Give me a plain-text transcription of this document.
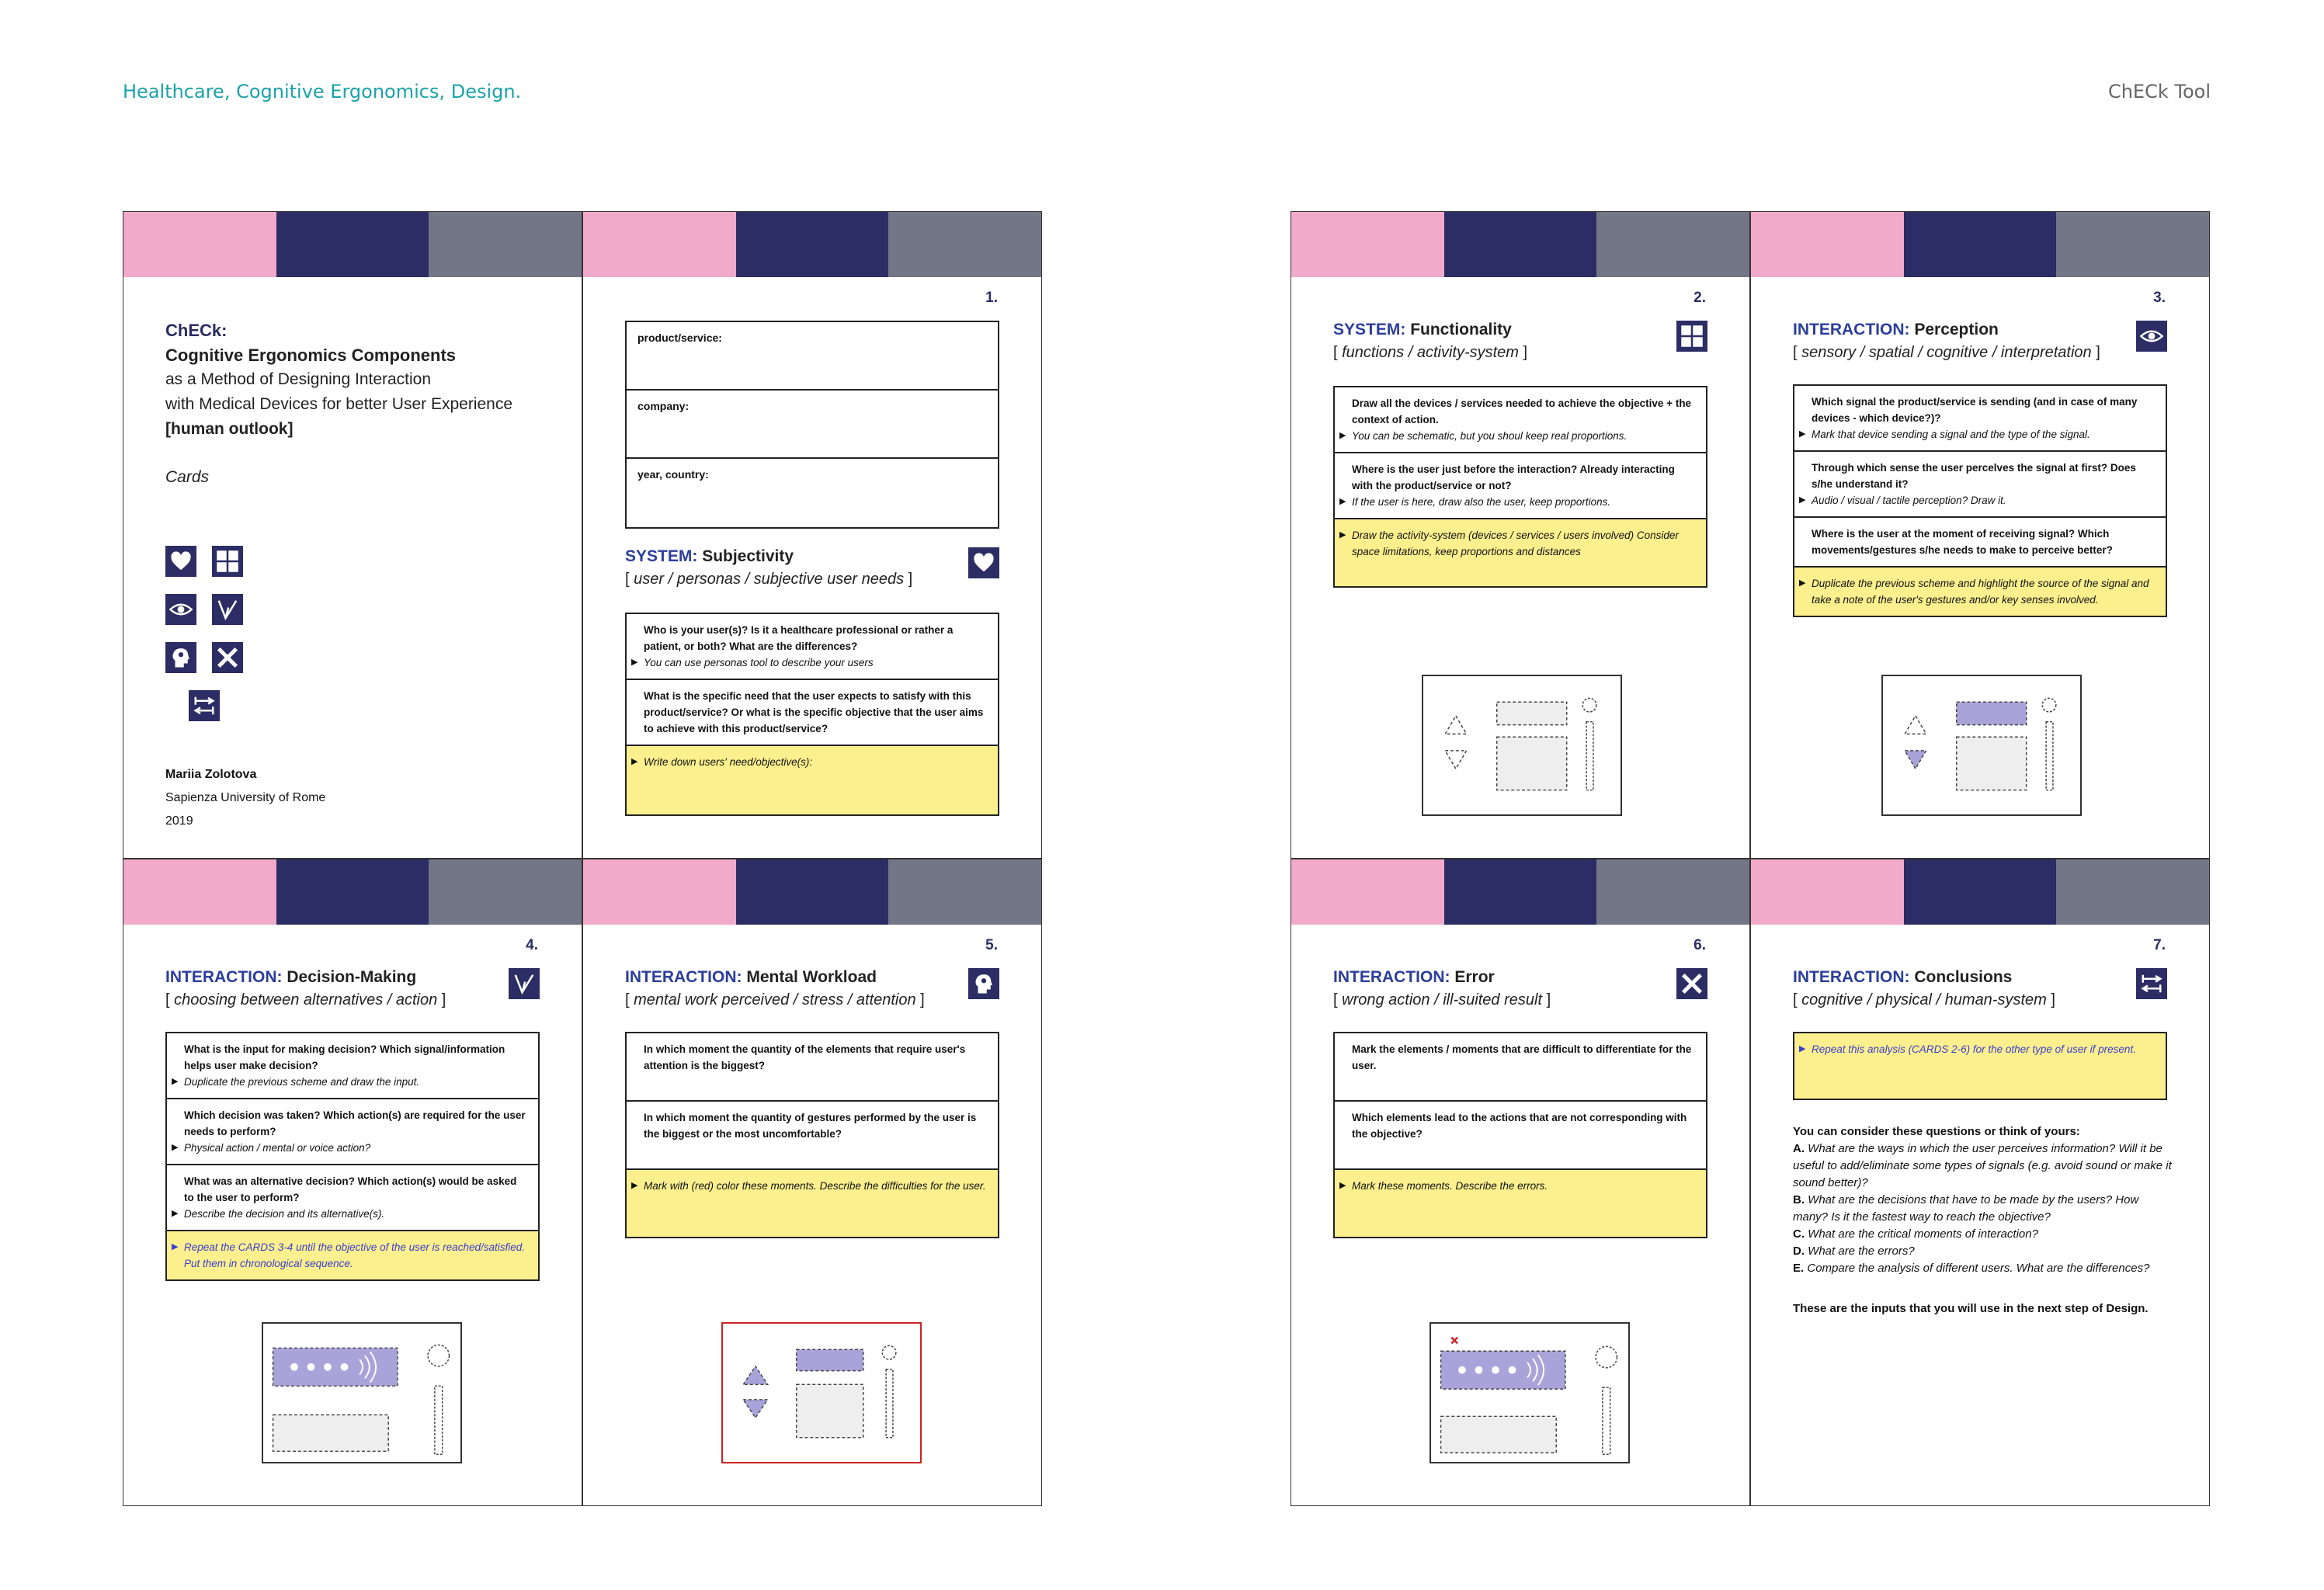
Healthcare, Cognitive Ergonomics, Design.	ChECk Tool
ChECk:
Cognitive Ergonomics Components
as a Method of Designing Interaction
with Medical Devices for better User Experience
[human outlook]
Cards
Mariia Zolotova
Sapienza University of Rome
2019
1.
product/service:
company:
year, country:
SYSTEM: Subjectivity
[ user / personas / subjective user needs ]
Who is your user(s)? Is it a healthcare professional or rather a patient, or both? What are the differences?
▶ You can use personas tool to describe your users
What is the specific need that the user expects to satisfy with this product/service? Or what is the specific objective that the user aims to achieve with this product/service?
▶ Write down users' need/objective(s):
2.
SYSTEM: Functionality
[ functions / activity-system ]
Draw all the devices / services needed to achieve the objective + the context of action.
▶ You can be schematic, but you shoul keep real proportions.
Where is the user just before the interaction? Already interacting with the product/service or not?
▶ If the user is here, draw also the user, keep proportions.
▶ Draw the activity-system (devices / services / users involved) Consider space limitations, keep proportions and distances
3.
INTERACTION: Perception
[ sensory / spatial / cognitive / interpretation ]
Which signal the product/service is sending (and in case of many devices - which device?)?
▶ Mark that device sending a signal and the type of the signal.
Through which sense the user percelves the signal at first? Does s/he understand it?
▶ Audio / visual / tactile perception? Draw it.
Where is the user at the moment of receiving signal? Which movements/gestures s/he needs to make to perceive better?
▶ Duplicate the previous scheme and highlight the source of the signal and take a note of the user's gestures and/or key senses involved.
4.
INTERACTION: Decision-Making
[ choosing between alternatives / action ]
What is the input for making decision? Which signal/information helps user make decision?
▶ Duplicate the previous scheme and draw the input.
Which decision was taken? Which action(s) are required for the user needs to perform?
▶ Physical action / mental or voice action?
What was an alternative decision? Which action(s) would be asked to the user to perform?
▶ Describe the decision and its alternative(s).
▶ Repeat the CARDS 3-4 until the objective of the user is reached/satisfied. Put them in chronological sequence.
5.
INTERACTION: Mental Workload
[ mental work perceived / stress / attention ]
In which moment the quantity of the elements that require user's attention is the biggest?
In which moment the quantity of gestures performed by the user is the biggest or the most uncomfortable?
▶ Mark with (red) color these moments. Describe the difficulties for the user.
6.
INTERACTION: Error
[ wrong action / ill-suited result ]
Mark the elements / moments that are difficult to differentiate for the user.
Which elements lead to the actions that are not corresponding with the objective?
▶ Mark these moments. Describe the errors.
7.
INTERACTION: Conclusions
[ cognitive / physical / human-system ]
▶ Repeat this analysis (CARDS 2-6) for the other type of user if present.
You can consider these questions or think of yours:
A. What are the ways in which the user perceives information? Will it be useful to add/eliminate some types of signals (e.g. avoid sound or make it sound better)?
B. What are the decisions that have to be made by the users? How many? Is it the fastest way to reach the objective?
C. What are the critical moments of interaction?
D. What are the errors?
E. Compare the analysis of different users. What are the differences?
These are the inputs that you will use in the next step of Design.
